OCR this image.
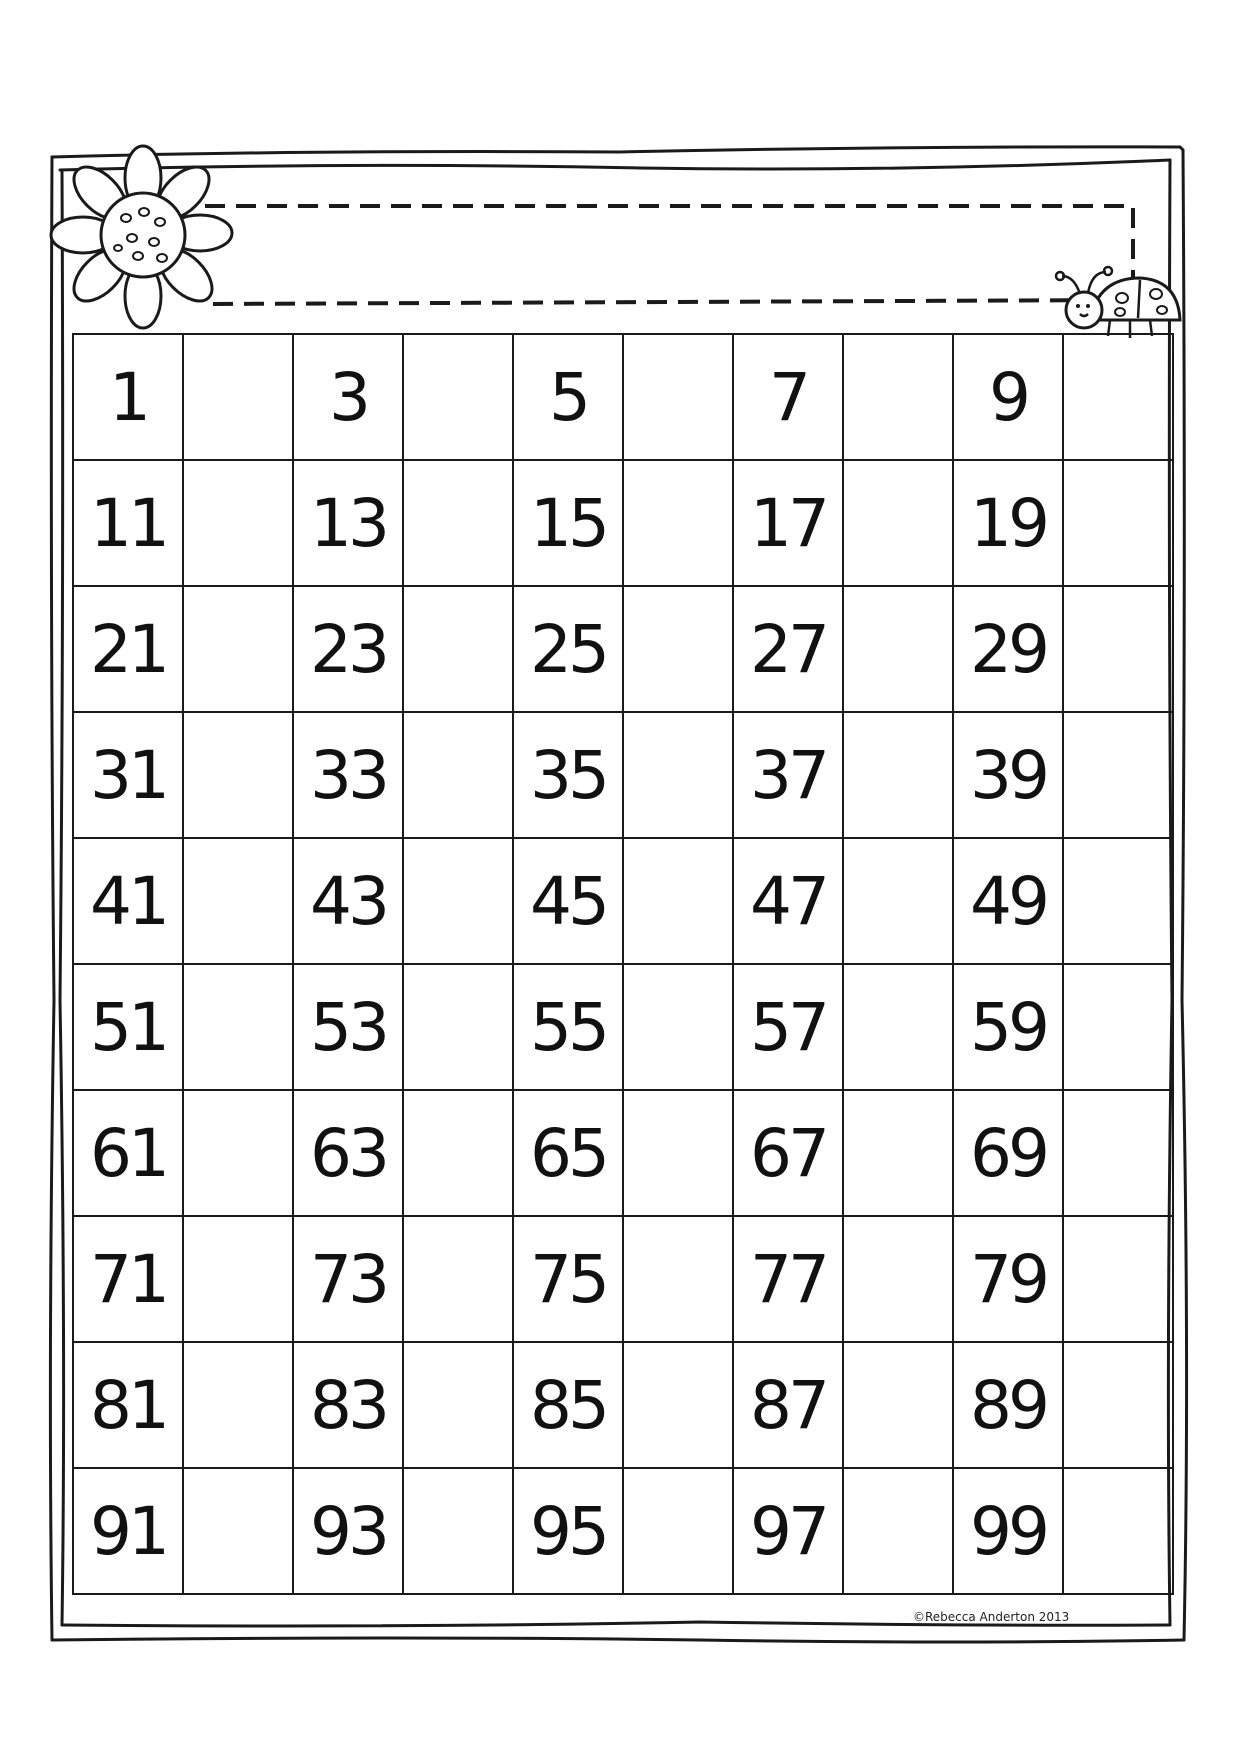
1		3		5		7		9	
11		13		15		17		19	
21		23		25		27		29	
31		33		35		37		39	
41		43		45		47		49	
51		53		55		57		59	
61		63		65		67		69	
71		73		75		77		79	
81		83		85		87		89	
91		93		95		97		99	
©Rebecca Anderton 2013
